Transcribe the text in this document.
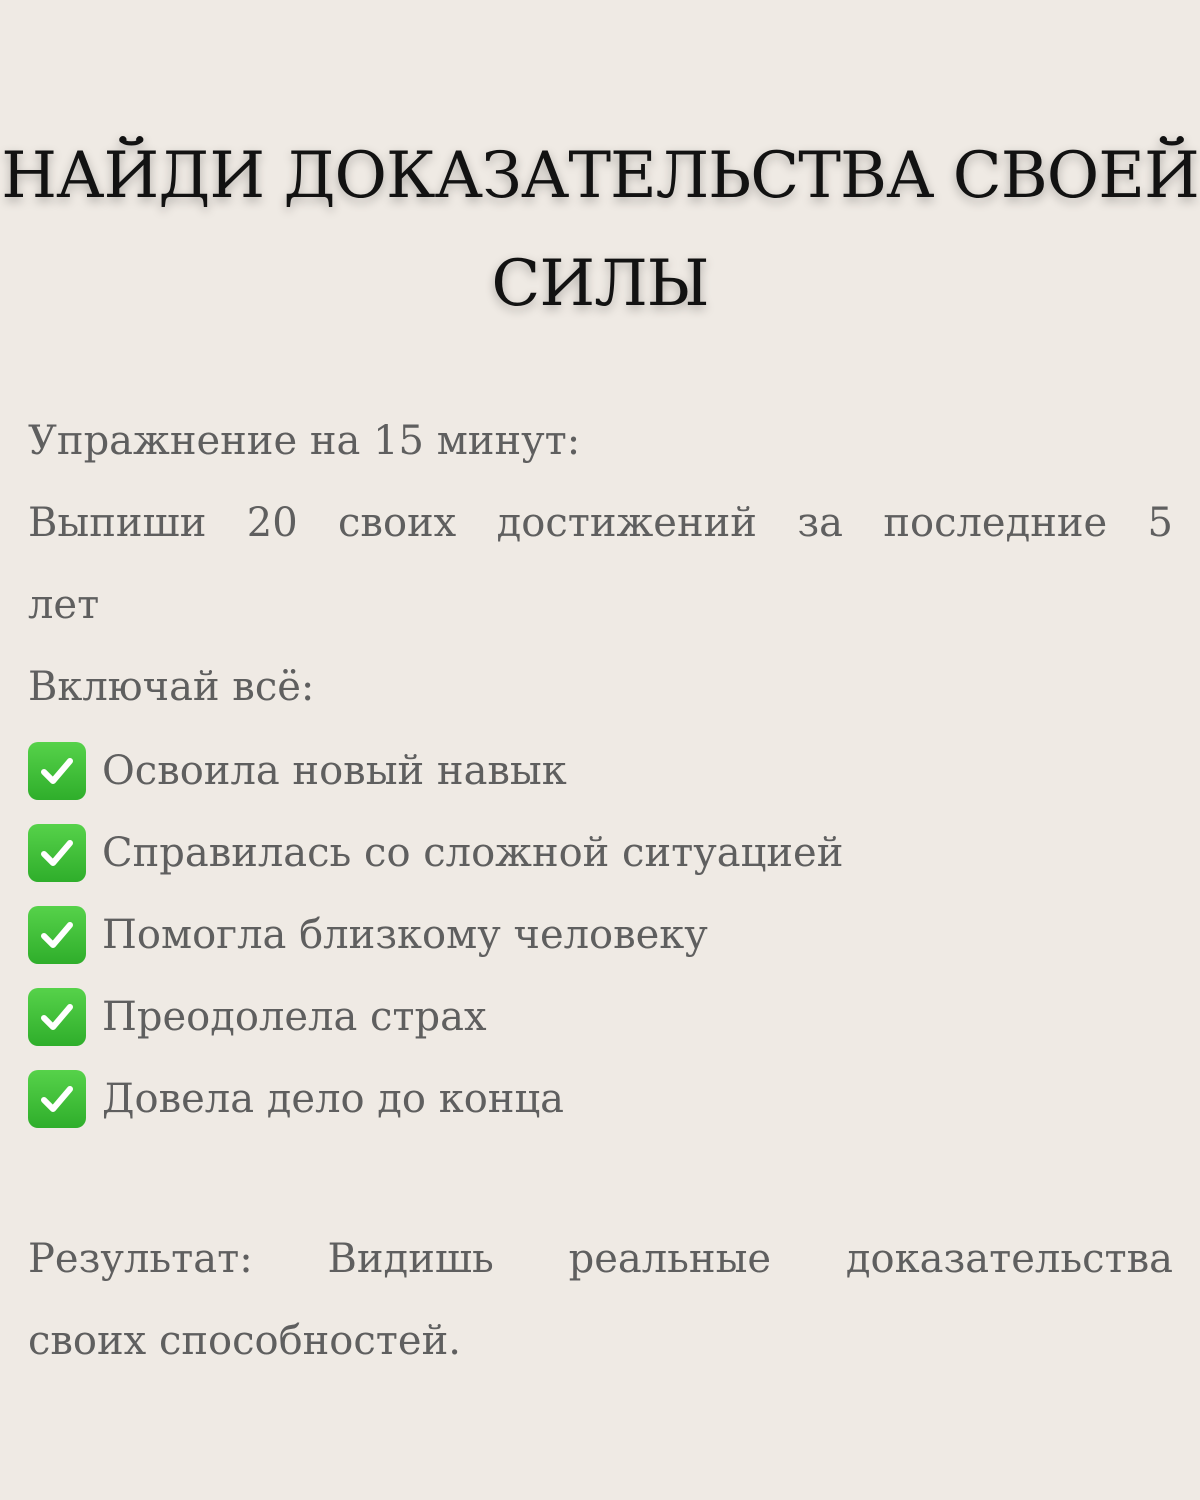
НАЙДИ ДОКАЗАТЕЛЬСТВА СВОЕЙ
СИЛЫ
Упражнение на 15 минут:
Выпиши 20 своих достижений за последние 5
лет
Включай всё:
Освоила новый навык
Справилась со сложной ситуацией
Помогла близкому человеку
Преодолела страх
Довела дело до конца
Результат: Видишь реальные доказательства
своих способностей.
